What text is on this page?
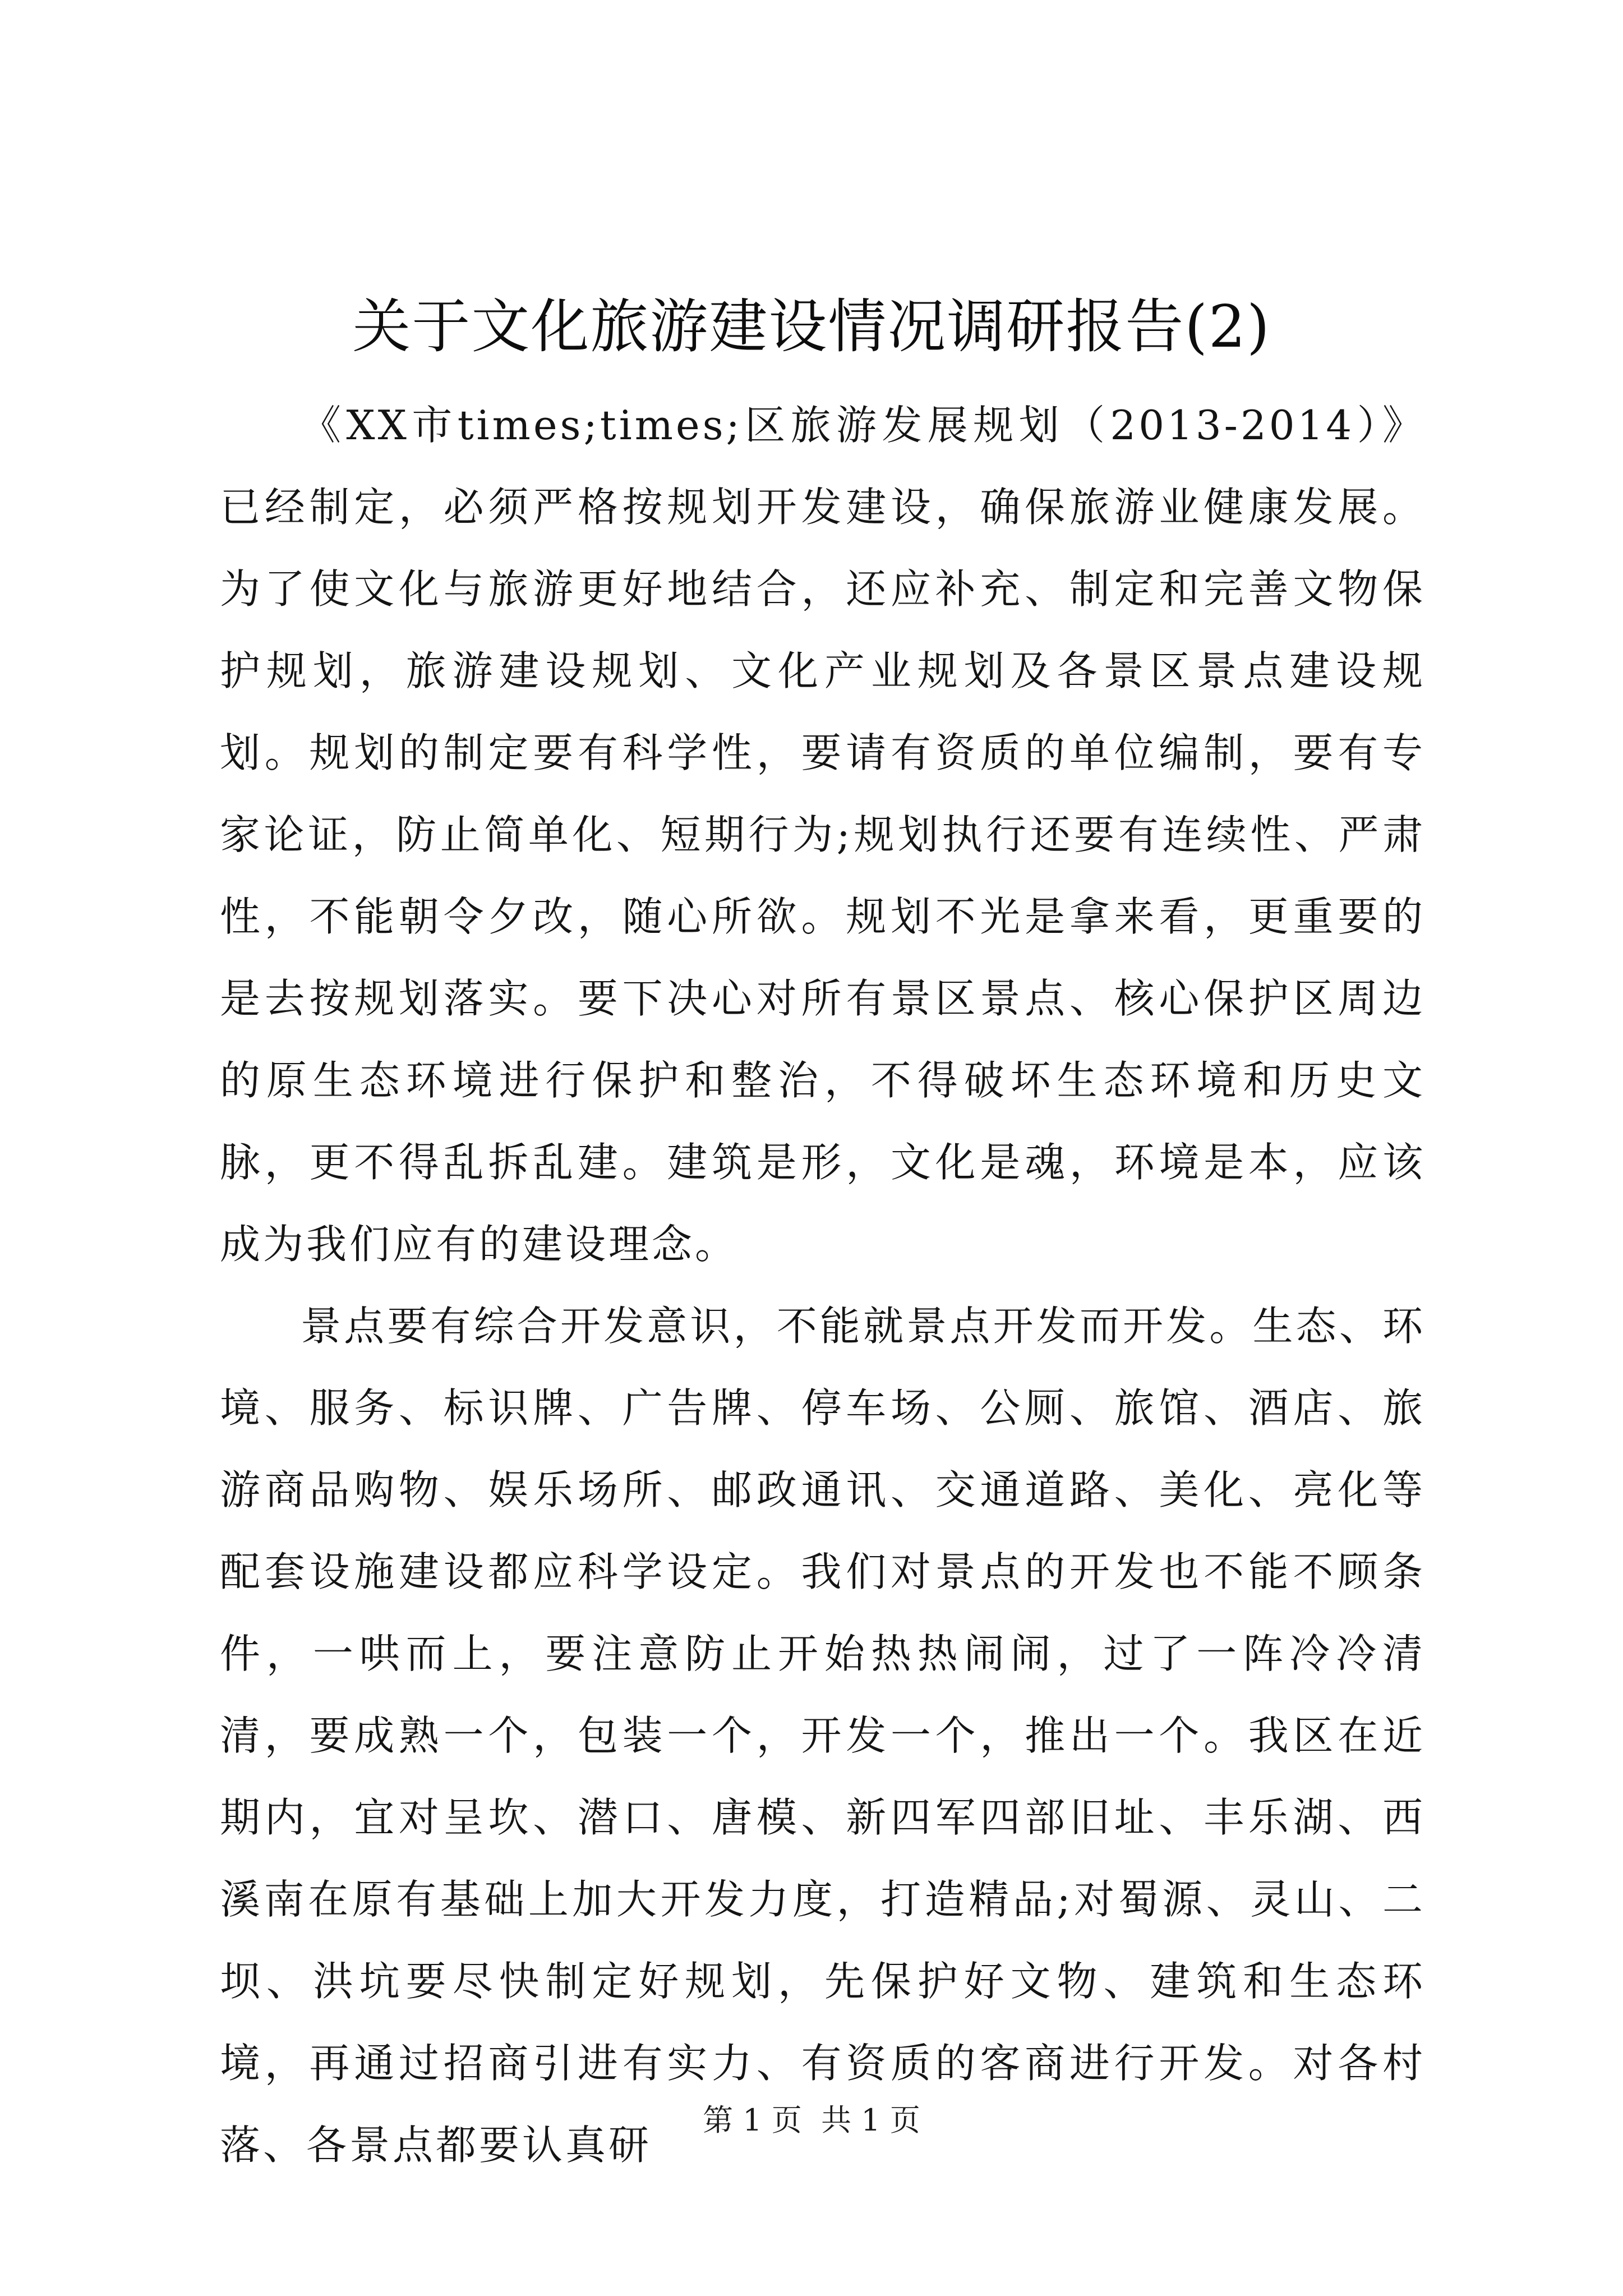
关于文化旅游建设情况调研报告(2)

《XX市times;times;区旅游发展规划（2013-2014）》已经制定，必须严格按规划开发建设，确保旅游业健康发展。为了使文化与旅游更好地结合，还应补充、制定和完善文物保护规划，旅游建设规划、文化产业规划及各景区景点建设规划。规划的制定要有科学性，要请有资质的单位编制，要有专家论证，防止简单化、短期行为;规划执行还要有连续性、严肃性，不能朝令夕改，随心所欲。规划不光是拿来看，更重要的是去按规划落实。要下决心对所有景区景点、核心保护区周边的原生态环境进行保护和整治，不得破坏生态环境和历史文脉，更不得乱拆乱建。建筑是形，文化是魂，环境是本，应该成为我们应有的建设理念。

景点要有综合开发意识，不能就景点开发而开发。生态、环境、服务、标识牌、广告牌、停车场、公厕、旅馆、酒店、旅游商品购物、娱乐场所、邮政通讯、交通道路、美化、亮化等配套设施建设都应科学设定。我们对景点的开发也不能不顾条件，一哄而上，要注意防止开始热热闹闹，过了一阵冷冷清清，要成熟一个，包装一个，开发一个，推出一个。我区在近期内，宜对呈坎、潜口、唐模、新四军四部旧址、丰乐湖、西溪南在原有基础上加大开发力度，打造精品;对蜀源、灵山、二坝、洪坑要尽快制定好规划，先保护好文物、建筑和生态环境，再通过招商引进有实力、有资质的客商进行开发。对各村落、各景点都要认真研

第 1 页  共 1 页
